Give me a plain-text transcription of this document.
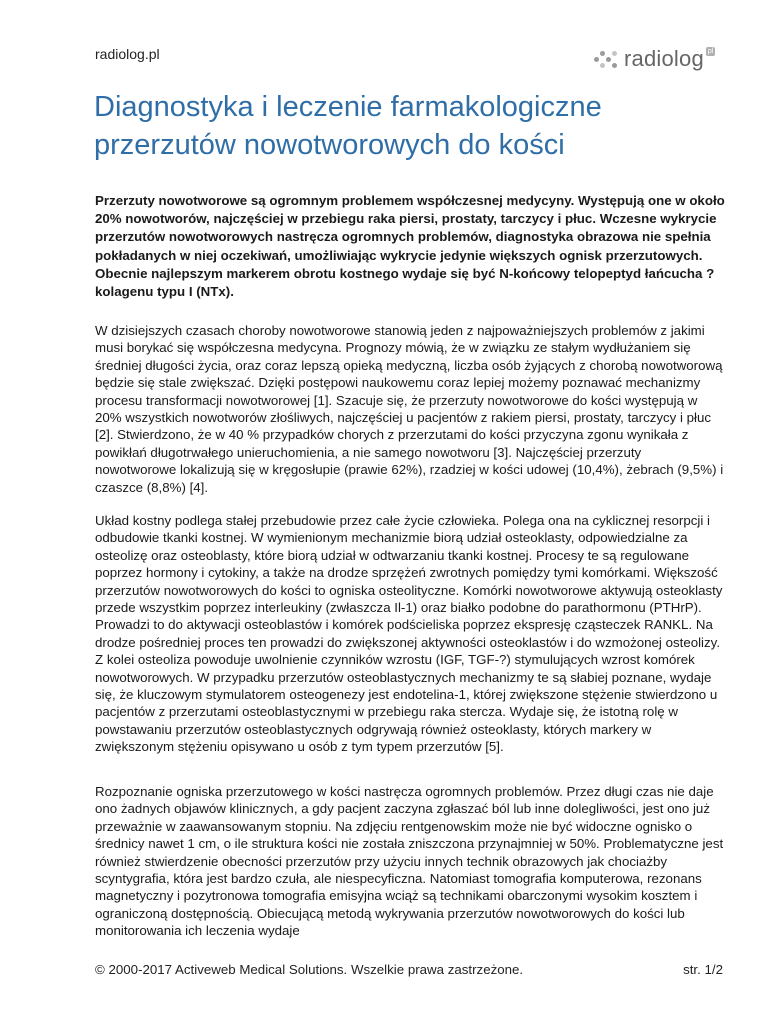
radiolog.pl	radiolog pl
Diagnostyka i leczenie farmakologiczne przerzutów nowotworowych do kości

Przerzuty nowotworowe są ogromnym problemem współczesnej medycyny. Występują one w około 20% nowotworów, najczęściej w przebiegu raka piersi, prostaty, tarczycy i płuc. Wczesne wykrycie przerzutów nowotworowych nastręcza ogromnych problemów, diagnostyka obrazowa nie spełnia pokładanych w niej oczekiwań, umożliwiając wykrycie jedynie większych ognisk przerzutowych. Obecnie najlepszym markerem obrotu kostnego wydaje się być N-końcowy telopeptyd łańcucha ? kolagenu typu I (NTx).

W dzisiejszych czasach choroby nowotworowe stanowią jeden z najpoważniejszych problemów z jakimi musi borykać się współczesna medycyna. Prognozy mówią, że w związku ze stałym wydłużaniem się średniej długości życia, oraz coraz lepszą opieką medyczną, liczba osób żyjących z chorobą nowotworową będzie się stale zwiększać. Dzięki postępowi naukowemu coraz lepiej możemy poznawać mechanizmy procesu transformacji nowotworowej [1]. Szacuje się, że przerzuty nowotworowe do kości występują w 20% wszystkich nowotworów złośliwych, najczęściej u pacjentów z rakiem piersi, prostaty, tarczycy i płuc [2]. Stwierdzono, że w 40 % przypadków chorych z przerzutami do kości przyczyna zgonu wynikała z powikłań długotrwałego unieruchomienia, a nie samego nowotworu [3]. Najczęściej przerzuty nowotworowe lokalizują się w kręgosłupie (prawie 62%), rzadziej w kości udowej (10,4%), żebrach (9,5%) i czaszce (8,8%) [4].

Układ kostny podlega stałej przebudowie przez całe życie człowieka. Polega ona na cyklicznej resorpcji i odbudowie tkanki kostnej. W wymienionym mechanizmie biorą udział osteoklasty, odpowiedzialne za osteolizę oraz osteoblasty, które biorą udział w odtwarzaniu tkanki kostnej. Procesy te są regulowane poprzez hormony i cytokiny, a także na drodze sprzężeń zwrotnych pomiędzy tymi komórkami. Większość przerzutów nowotworowych do kości to ogniska osteolityczne. Komórki nowotworowe aktywują osteoklasty przede wszystkim poprzez interleukiny (zwłaszcza Il-1) oraz białko podobne do parathormonu (PTHrP). Prowadzi to do aktywacji osteoblastów i komórek podścieliska poprzez ekspresję cząsteczek RANKL. Na drodze pośredniej proces ten prowadzi do zwiększonej aktywności osteoklastów i do wzmożonej osteolizy. Z kolei osteoliza powoduje uwolnienie czynników wzrostu (IGF, TGF-?) stymulujących wzrost komórek nowotworowych. W przypadku przerzutów osteoblastycznych mechanizmy te są słabiej poznane, wydaje się, że kluczowym stymulatorem osteogenezy jest endotelina-1, której zwiększone stężenie stwierdzono u pacjentów z przerzutami osteoblastycznymi w przebiegu raka stercza. Wydaje się, że istotną rolę w powstawaniu przerzutów osteoblastycznych odgrywają również osteoklasty, których markery w zwiększonym stężeniu opisywano u osób z tym typem przerzutów [5].

Rozpoznanie ogniska przerzutowego w kości nastręcza ogromnych problemów. Przez długi czas nie daje ono żadnych objawów klinicznych, a gdy pacjent zaczyna zgłaszać ból lub inne dolegliwości, jest ono już przeważnie w zaawansowanym stopniu. Na zdjęciu rentgenowskim może nie być widoczne ognisko o średnicy nawet 1 cm, o ile struktura kości nie została zniszczona przynajmniej w 50%. Problematyczne jest również stwierdzenie obecności przerzutów przy użyciu innych technik obrazowych jak chociażby scyntygrafia, która jest bardzo czuła, ale niespecyficzna. Natomiast tomografia komputerowa, rezonans magnetyczny i pozytronowa tomografia emisyjna wciąż są technikami obarczonymi wysokim kosztem i ograniczoną dostępnością. Obiecującą metodą wykrywania przerzutów nowotworowych do kości lub monitorowania ich leczenia wydaje

© 2000-2017 Activeweb Medical Solutions. Wszelkie prawa zastrzeżone.	str. 1/2
